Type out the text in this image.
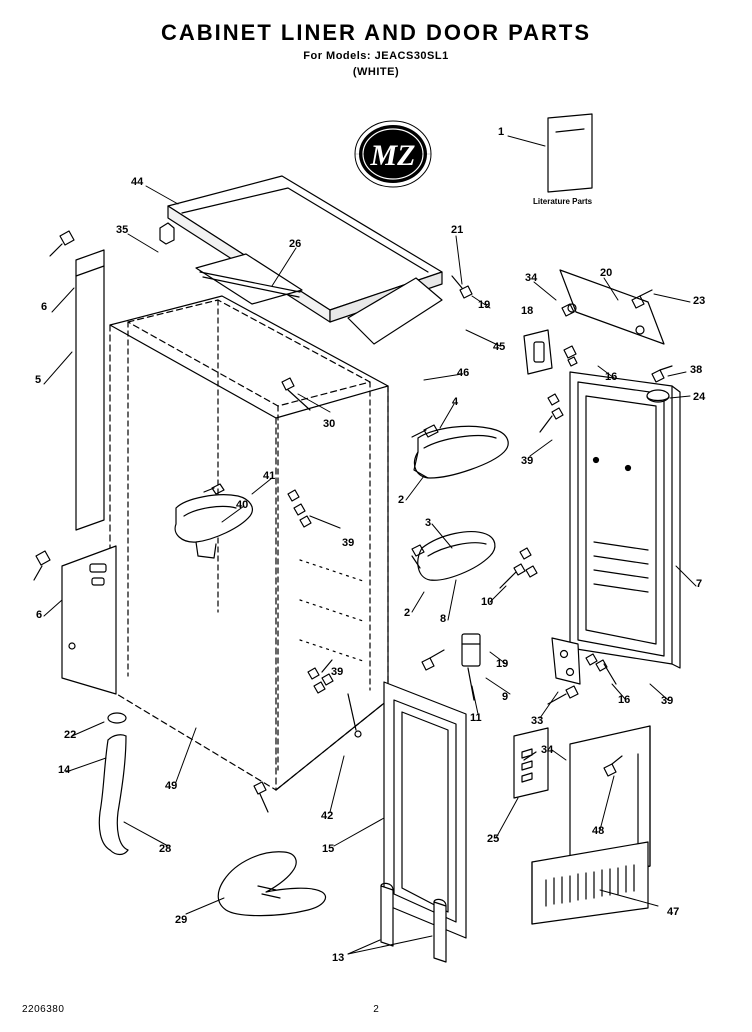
CABINET LINER AND DOOR PARTS
For Models: JEACS30SL1
(WHITE)
MZ
Literature Parts
1
44
35
26
21
34	20
18
19	23
6
45
38
16
5
46
24
30
4
39
2
41
40
3
39
7
6	2	8
10
39
19
16	39
9
11	33
22
14
49
34
48
42
25
15
28
47
29
13
2206380	2
